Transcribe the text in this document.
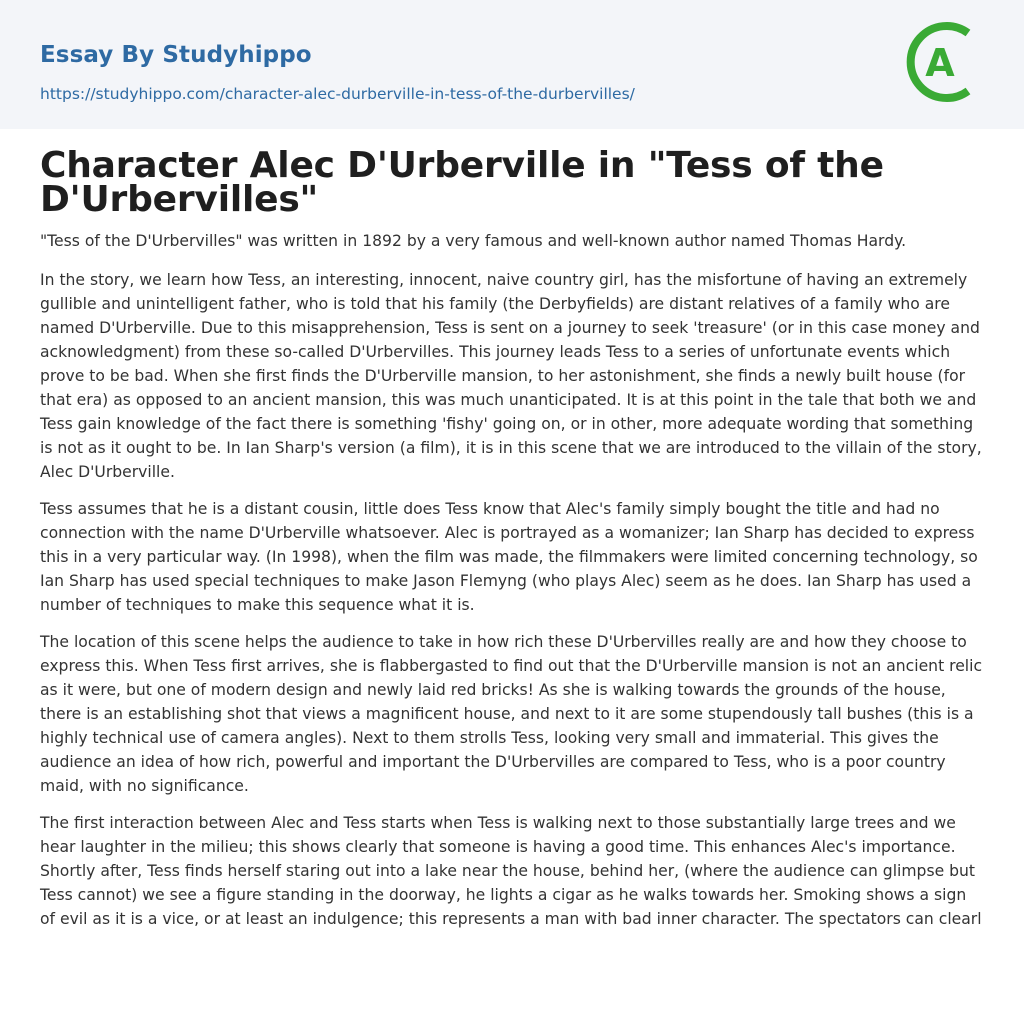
Essay By Studyhippo
https://studyhippo.com/character-alec-durberville-in-tess-of-the-durbervilles/
A
Character Alec D'Urberville in "Tess of the D'Urbervilles"

"Tess of the D'Urbervilles" was written in 1892 by a very famous and well-known author named Thomas Hardy.

In the story, we learn how Tess, an interesting, innocent, naive country girl, has the misfortune of having an extremely gullible and unintelligent father, who is told that his family (the Derbyfields) are distant relatives of a family who are named D'Urberville. Due to this misapprehension, Tess is sent on a journey to seek 'treasure' (or in this case money and acknowledgment) from these so-called D'Urbervilles. This journey leads Tess to a series of unfortunate events which prove to be bad. When she first finds the D'Urberville mansion, to her astonishment, she finds a newly built house (for that era) as opposed to an ancient mansion, this was much unanticipated. It is at this point in the tale that both we and Tess gain knowledge of the fact there is something 'fishy' going on, or in other, more adequate wording that something is not as it ought to be. In Ian Sharp's version (a film), it is in this scene that we are introduced to the villain of the story, Alec D'Urberville.

Tess assumes that he is a distant cousin, little does Tess know that Alec's family simply bought the title and had no connection with the name D'Urberville whatsoever. Alec is portrayed as a womanizer; Ian Sharp has decided to express this in a very particular way. (In 1998), when the film was made, the filmmakers were limited concerning technology, so Ian Sharp has used special techniques to make Jason Flemyng (who plays Alec) seem as he does. Ian Sharp has used a number of techniques to make this sequence what it is.

The location of this scene helps the audience to take in how rich these D'Urbervilles really are and how they choose to express this. When Tess first arrives, she is flabbergasted to find out that the D'Urberville mansion is not an ancient relic as it were, but one of modern design and newly laid red bricks! As she is walking towards the grounds of the house, there is an establishing shot that views a magnificent house, and next to it are some stupendously tall bushes (this is a highly technical use of camera angles). Next to them strolls Tess, looking very small and immaterial. This gives the audience an idea of how rich, powerful and important the D'Urbervilles are compared to Tess, who is a poor country maid, with no significance.

The first interaction between Alec and Tess starts when Tess is walking next to those substantially large trees and we hear laughter in the milieu; this shows clearly that someone is having a good time. This enhances Alec's importance. Shortly after, Tess finds herself staring out into a lake near the house, behind her, (where the audience can glimpse but Tess cannot) we see a figure standing in the doorway, he lights a cigar as he walks towards her. Smoking shows a sign of evil as it is a vice, or at least an indulgence; this represents a man with bad inner character. The spectators can clearl
